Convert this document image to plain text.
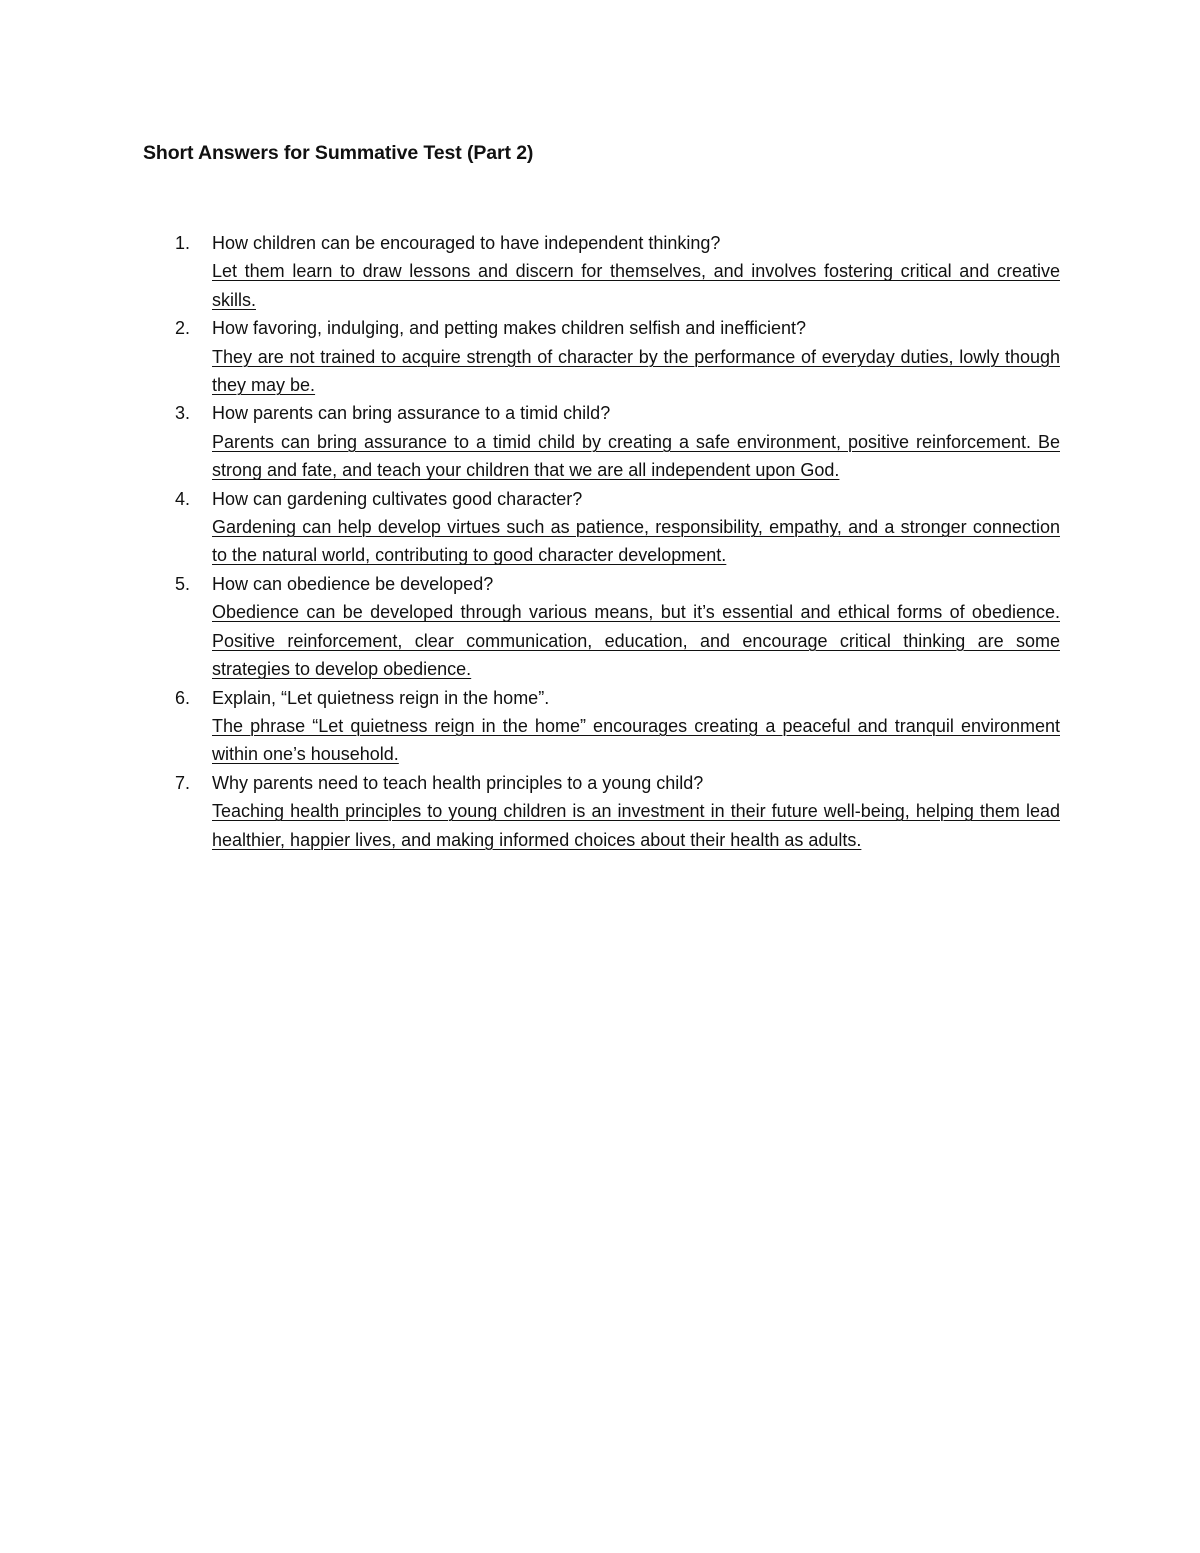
Short Answers for Summative Test (Part 2)
1. How children can be encouraged to have independent thinking?
Let them learn to draw lessons and discern for themselves, and involves fostering critical and creative skills.
2. How favoring, indulging, and petting makes children selfish and inefficient?
They are not trained to acquire strength of character by the performance of everyday duties, lowly though they may be.
3. How parents can bring assurance to a timid child?
Parents can bring assurance to a timid child by creating a safe environment, positive reinforcement. Be strong and fate, and teach your children that we are all independent upon God.
4. How can gardening cultivates good character?
Gardening can help develop virtues such as patience, responsibility, empathy, and a stronger connection to the natural world, contributing to good character development.
5. How can obedience be developed?
Obedience can be developed through various means, but it’s essential and ethical forms of obedience. Positive reinforcement, clear communication, education, and encourage critical thinking are some strategies to develop obedience.
6. Explain, “Let quietness reign in the home”.
The phrase “Let quietness reign in the home” encourages creating a peaceful and tranquil environment within one’s household.
7. Why parents need to teach health principles to a young child?
Teaching health principles to young children is an investment in their future well-being, helping them lead healthier, happier lives, and making informed choices about their health as adults.
